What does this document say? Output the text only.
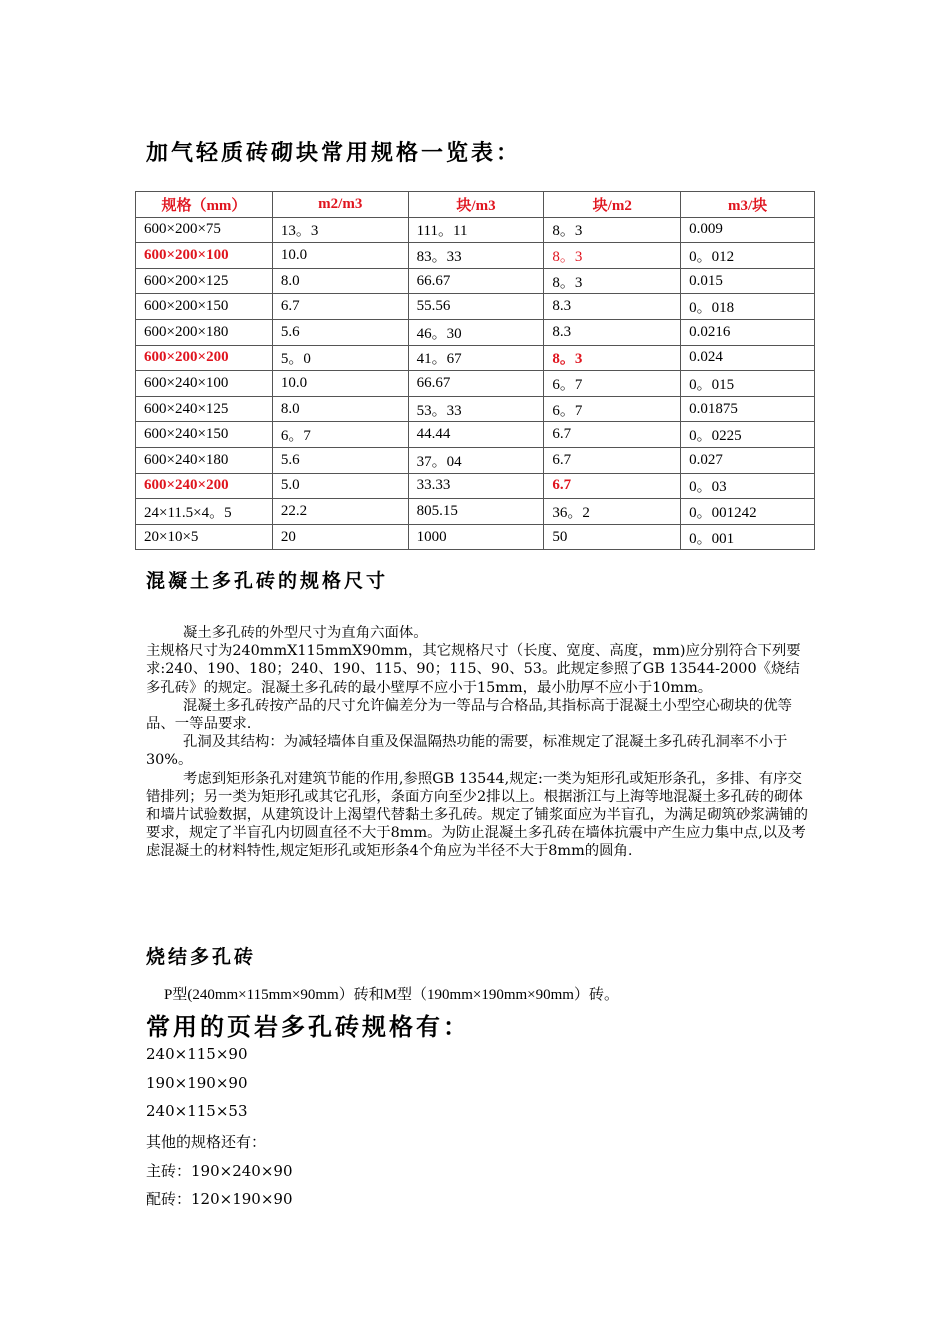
加气轻质砖砌块常用规格一览表：
规格（mm）	m2/m3	块/m3	块/m2	m3/块
600×200×75	13。3	111。11	8。3	0.009
600×200×100	10.0	83。33	8。3	0。012
600×200×125	8.0	66.67	8。3	0.015
600×200×150	6.7	55.56	8.3	0。018
600×200×180	5.6	46。30	8.3	0.0216
600×200×200	5。0	41。67	8。3	0.024
600×240×100	10.0	66.67	6。7	0。015
600×240×125	8.0	53。33	6。7	0.01875
600×240×150	6。7	44.44	6.7	0。0225
600×240×180	5.6	37。04	6.7	0.027
600×240×200	5.0	33.33	6.7	0。03
24×11.5×4。5	22.2	805.15	36。2	0。001242
20×10×5	20	1000	50	0。001
混凝土多孔砖的规格尺寸

凝土多孔砖的外型尺寸为直角六面体。

主规格尺寸为240mmX115mmX90mm，其它规格尺寸（长度、宽度、高度，mm)应分别符合下列要求:240、190、180；240、190、115、90；115、90、53。此规定参照了GB 13544-2000《烧结多孔砖》的规定。混凝土多孔砖的最小壁厚不应小于15mm，最小肋厚不应小于10mm。

混凝土多孔砖按产品的尺寸允许偏差分为一等品与合格品,其指标高于混凝土小型空心砌块的优等品、一等品要求.

孔洞及其结构：为减轻墙体自重及保温隔热功能的需要，标准规定了混凝土多孔砖孔洞率不小于30%。

考虑到矩形条孔对建筑节能的作用,参照GB 13544,规定:一类为矩形孔或矩形条孔，多排、有序交错排列；另一类为矩形孔或其它孔形，条面方向至少2排以上。根据浙江与上海等地混凝土多孔砖的砌体和墙片试验数据，从建筑设计上渴望代替黏土多孔砖。规定了铺浆面应为半盲孔，为满足砌筑砂浆满铺的要求，规定了半盲孔内切圆直径不大于8mm。为防止混凝土多孔砖在墙体抗震中产生应力集中点,以及考虑混凝土的材料特性,规定矩形孔或矩形条4个角应为半径不大于8mm的圆角.

烧结多孔砖
P型(240mm×115mm×90mm）砖和M型（190mm×190mm×90mm）砖。
常用的页岩多孔砖规格有：
240×115×90
190×190×90
240×115×53
其他的规格还有：
主砖：190×240×90
配砖：120×190×90
